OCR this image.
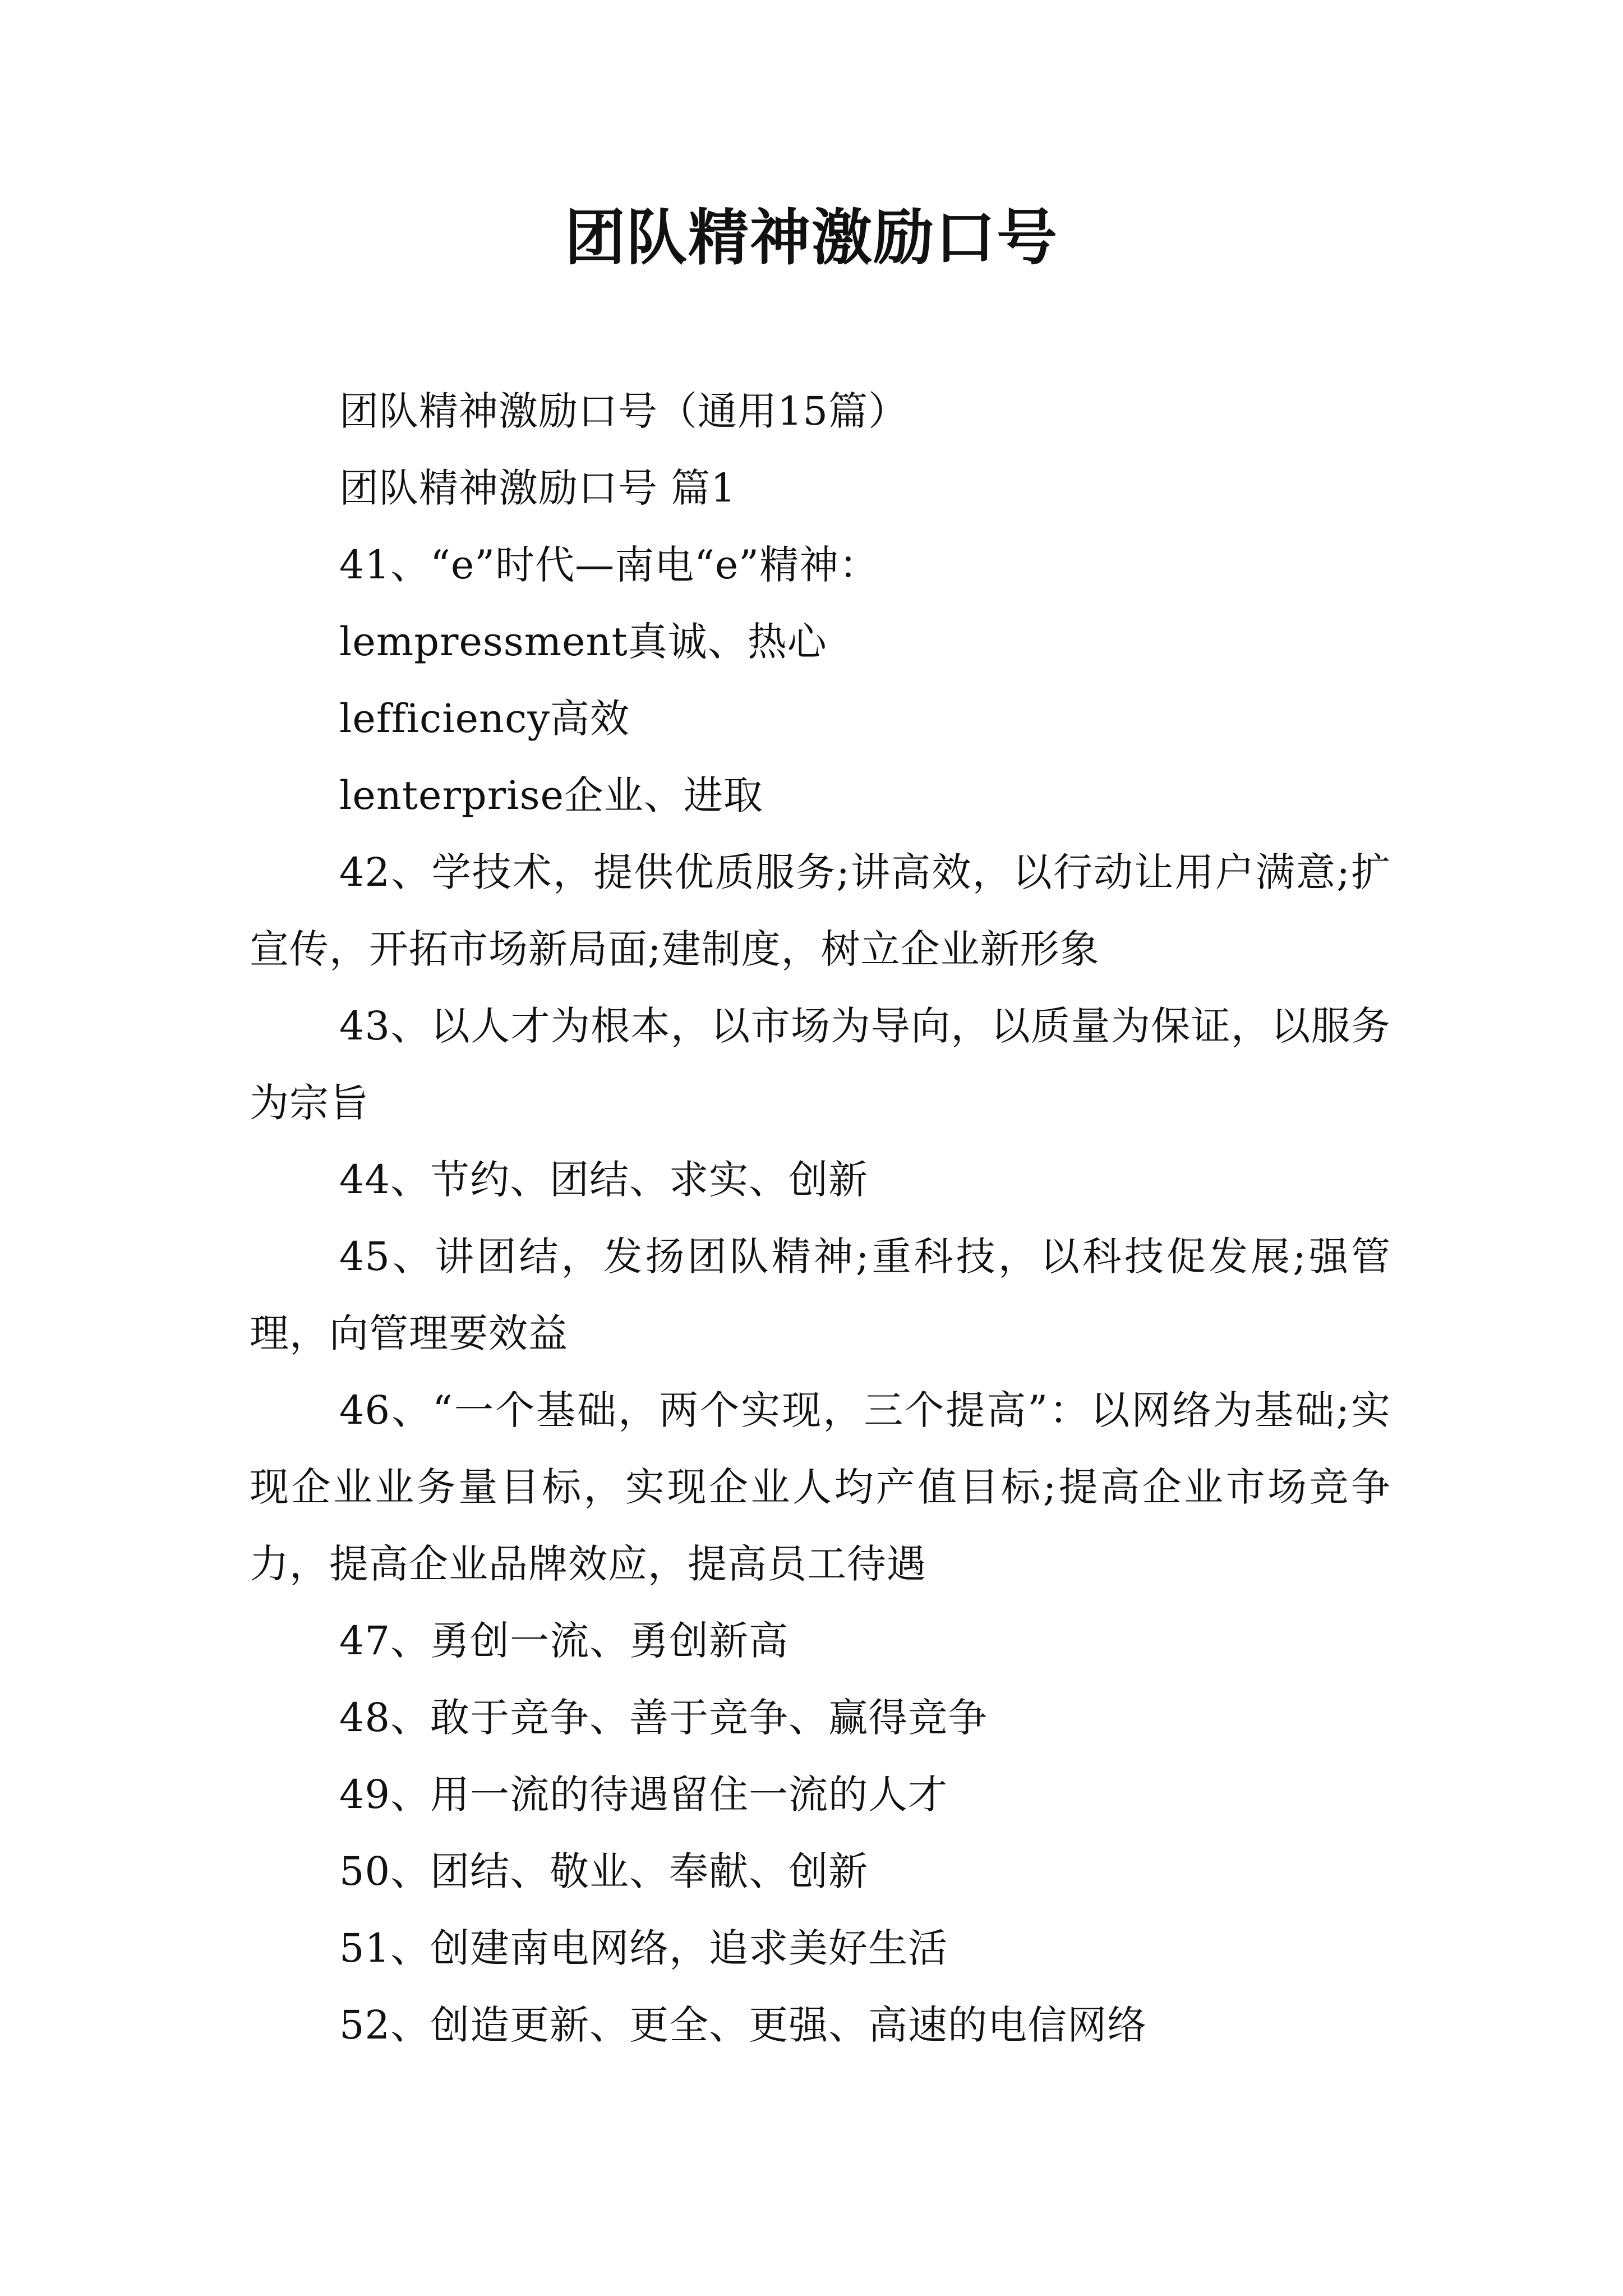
团队精神激励口号

团队精神激励口号（通用15篇）

团队精神激励口号 篇1

41、“e”时代—南电“e”精神：

lempressment真诚、热心

lefficiency高效

lenterprise企业、进取

42、学技术，提供优质服务;讲高效，以行动让用户满意;扩宣传，开拓市场新局面;建制度，树立企业新形象

43、以人才为根本，以市场为导向，以质量为保证，以服务为宗旨

44、节约、团结、求实、创新

45、讲团结，发扬团队精神;重科技，以科技促发展;强管理，向管理要效益

46、“一个基础，两个实现，三个提高”：以网络为基础;实现企业业务量目标，实现企业人均产值目标;提高企业市场竞争力，提高企业品牌效应，提高员工待遇

47、勇创一流、勇创新高

48、敢于竞争、善于竞争、赢得竞争

49、用一流的待遇留住一流的人才

50、团结、敬业、奉献、创新

51、创建南电网络，追求美好生活

52、创造更新、更全、更强、高速的电信网络
